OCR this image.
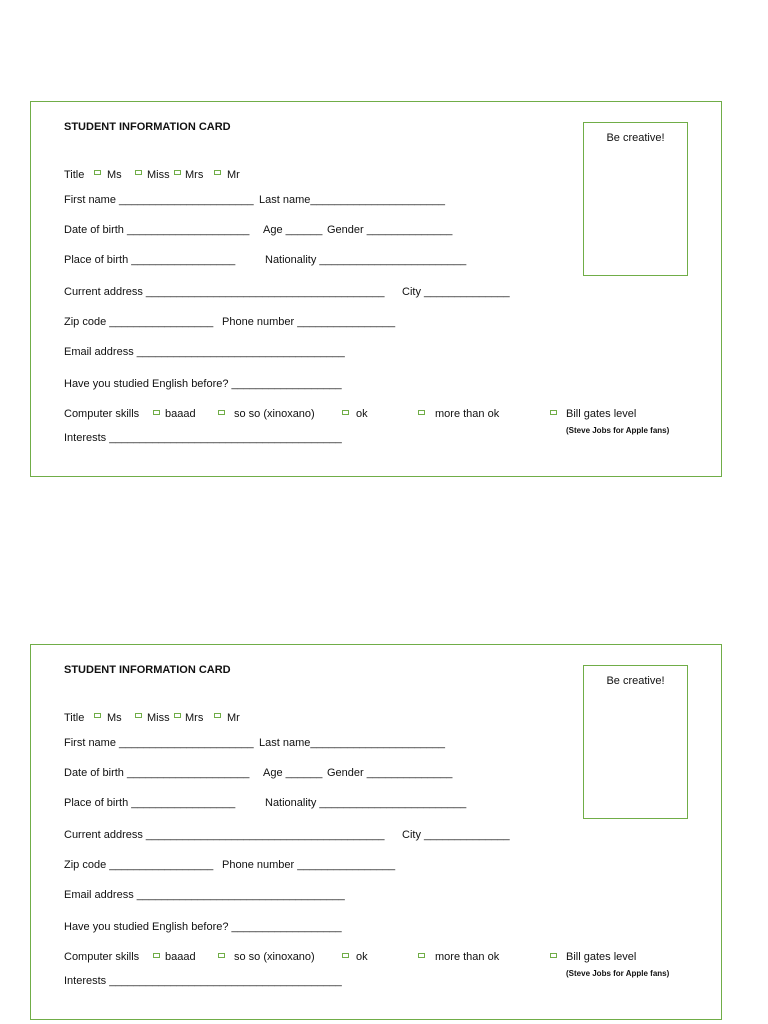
STUDENT INFORMATION CARD
Be creative!
Title Ms Miss Mrs Mr
First name ______________________ Last name______________________
Date of birth ____________________ Age ______ Gender ______________
Place of birth _________________	Nationality ________________________
Current address _______________________________________ City ______________
Zip code _________________ Phone number ________________
Email address __________________________________
Have you studied English before? __________________
Computer skills baaad	so so (xinoxano)	ok	more than ok	Bill gates level
(Steve Jobs for Apple fans)
Interests ______________________________________
STUDENT INFORMATION CARD
Be creative!
Title Ms Miss Mrs Mr
First name ______________________ Last name______________________
Date of birth ____________________ Age ______ Gender ______________
Place of birth _________________	Nationality ________________________
Current address _______________________________________ City ______________
Zip code _________________ Phone number ________________
Email address __________________________________
Have you studied English before? __________________
Computer skills baaad	so so (xinoxano)	ok	more than ok	Bill gates level
(Steve Jobs for Apple fans)
Interests ______________________________________
